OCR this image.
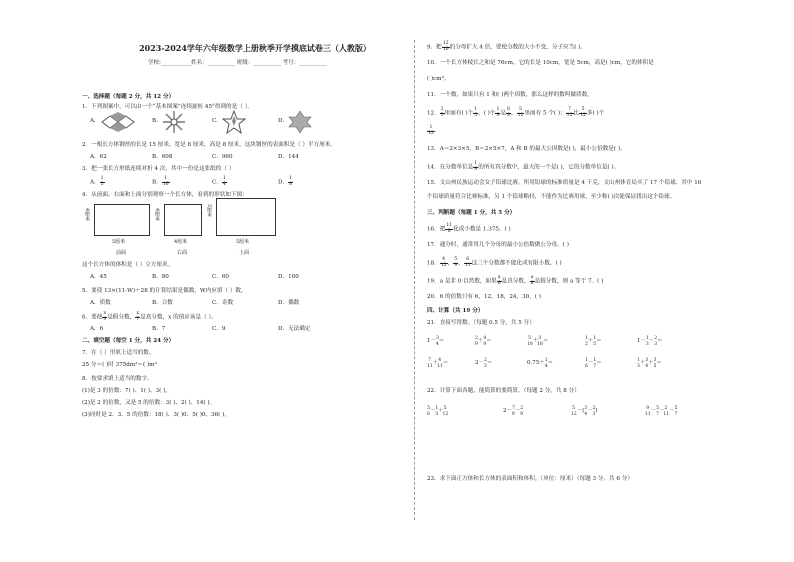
2023-2024学年六年级数学上册秋季开学摸底试卷三（人教版）
学校:___________姓名：__________ 班级：__________ 考号：__________
一、选择题（每题 2 分，共 12 分）
1．下列图案中，可以由一个“基本图案”连续旋转 45°得到的是（ ）。
A．	B．	C．	D．
2．一根长方体钢丝的长是 15 厘米，宽是 8 厘米，高是 8 厘米，这块钢丝的表面积是（ ）平方厘米。
A．62	B．608	C．960	D．144
3．把一张长方形纸连续对折 4 次，其中一份是这张纸的（ ）
A． $\frac{1}{3}$	B． $\frac{1}{16}$	C． $\frac{1}{4}$	D． $\frac{1}{8}$
4．从前面、右面和上面分别观察一个长方体，看到的形状如下图：
4厘米
5厘米
前面
4厘米
4厘米
右面
5厘米
5厘米
上面
这个长方体的体积是（ ）立方厘米。
A．45	B．80	C．60	D．100
5．要使 13×(11-W)＋28 的计算结果是偶数，W内应填（ ）数。
A．质数	B．合数	C．奇数	D．偶数
6．要使 $\frac{x}{9}$ 是假分数， $\frac{x}{7}$ 是真分数，x 的值应该是（ ）。
A．6	B．7	C．9	D．无法确定
二、填空题（每空 1 分，共 24 分）
7．在（ ）里填上适当的数。
25 分＝( )时 375dm³＝( )m³
8．按要求填上适当的数字。
(1)是 3 的倍数：7( )、1( )、3( )。
(2)是 2 的倍数，又是 5 的倍数：3( )、2( )、14( )。
(3)同时是 2、3、5 的倍数：18( )、3( )0、5( )0、36( )。
9．把 $\frac{12}{10}$ 的分母扩大 4 倍，要使分数的大小不变，分子应当( )。
10．一个长方体棱长之和是 76cm，它的长是 10cm，宽是 5cm，高是( )cm，它的体积是
( )cm³。
11．一个数，如果只有 1 和( )两个因数，那么这样的数叫做质数。
12． $\frac{2}{5}$ 里面有( )个 $\frac{1}{5}$ ，( )个 $\frac{1}{9}$ 是 $\frac{8}{9}$ ， $\frac{5}{12}$ 里面有 5 个( )； $\frac{7}{12}$ 比 $\frac{5}{12}$ 多( )个
$\frac{1}{12}$
13．A＝2×3×5，B＝2×5×7，A 和 B 的最大公因数是( )，最小公倍数是( )。
14．在分数单位是 $\frac{1}{9}$ 的所有真分数中，最大的一个是( )，它的分数单位是( )。
15．文山州民族运动会女子铅球比赛，所用铅球的标准质量是 4 千克，文山州体育局买了 17 个铅球，其中 16
个铅球质量符合比赛标准，另 1 个铅球略轻，不能作为比赛用球，至少称( )次能保证找出这个铅球。
三、判断题（每题 1 分，共 5 分）
16．把 $\frac{11}{8}$ 化成小数是 1.375。( )
17．通分时，通常用几个分母的最小公倍数做公分母。( )
18． $\frac{4}{12}$ ， $\frac{5}{9}$ ， $\frac{6}{11}$ 这三个分数都不能化成有限小数。( )
19．a 是非 0 自然数，如果 $\frac{a}{6}$ 是真分数， $\frac{a}{8}$ 是假分数，则 a 等于 7。( )
20．6 的倍数只有 6，12，18，24，30，( )
四、计算（共 19 分）
21．直接写得数。（每题 0.5 分，共 5 分）
1－$^3$ 4＝	$^2$ 9＋$^4$ 9＝	$^5$ 18＋$^3$ 18＝	$^1$ 2＋$^1$ 5＝	1－$^1$ 3－$^2$ 3＝
$^7$ 11＋$^4$ 11＝	2－$^2$ 3＝	0.75＋$^1$ 4＝	$^1$ 6－$^1$ 7＝	$^1$ 3＋$^3$ 4＋$^3$ 5＝
22．计算下面各题，能简算的要简算。（每题 2 分，共 8 分）
$^5$ 8－$^1$ 3＋$^5$ 12
2－$^7$ 9－$^2$ 9
$^5$ 12－($^3$ 4－$^2$ 3)	$^9$ 11－$^5$ 7－$^2$ 11－$^5$ 7
23．求下面正方体和长方体的表面积和体积。（单位：厘米）（每题 3 分，共 6 分）
